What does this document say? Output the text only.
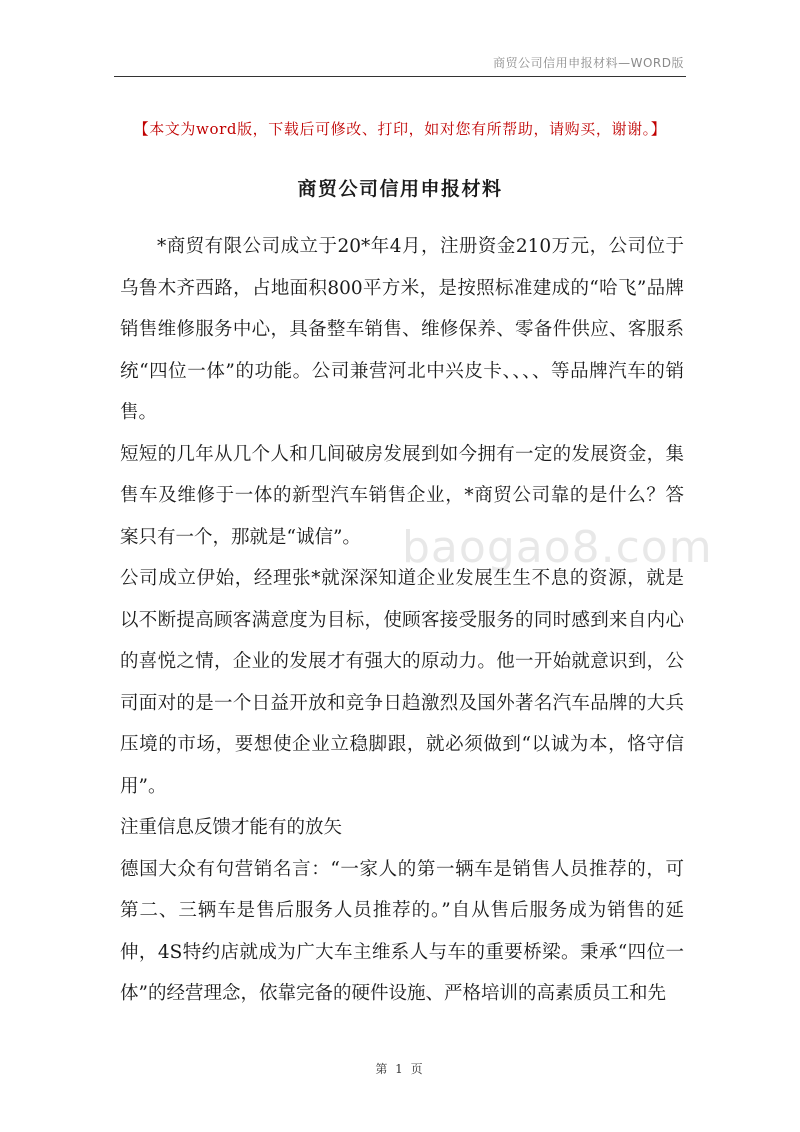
商贸公司信用申报材料—WORD版
【本文为word版，下载后可修改、打印，如对您有所帮助，请购买，谢谢。】
商贸公司信用申报材料

*商贸有限公司成立于20*年4月，注册资金210万元，公司位于乌鲁木齐西路，占地面积800平方米，是按照标准建成的“哈飞”品牌销售维修服务中心，具备整车销售、维修保养、零备件供应、客服系统“四位一体”的功能。公司兼营河北中兴皮卡、、、、等品牌汽车的销售。

短短的几年从几个人和几间破房发展到如今拥有一定的发展资金，集售车及维修于一体的新型汽车销售企业，*商贸公司靠的是什么？答案只有一个，那就是“诚信”。

公司成立伊始，经理张*就深深知道企业发展生生不息的资源，就是以不断提高顾客满意度为目标，使顾客接受服务的同时感到来自内心的喜悦之情，企业的发展才有强大的原动力。他一开始就意识到，公司面对的是一个日益开放和竞争日趋激烈及国外著名汽车品牌的大兵压境的市场，要想使企业立稳脚跟，就必须做到“以诚为本，恪守信用”。

注重信息反馈才能有的放矢

德国大众有句营销名言：“一家人的第一辆车是销售人员推荐的，可第二、三辆车是售后服务人员推荐的。”自从售后服务成为销售的延伸，4S特约店就成为广大车主维系人与车的重要桥梁。秉承“四位一体”的经营理念，依靠完备的硬件设施、严格培训的高素质员工和先

baogao8.com
第 1 页
